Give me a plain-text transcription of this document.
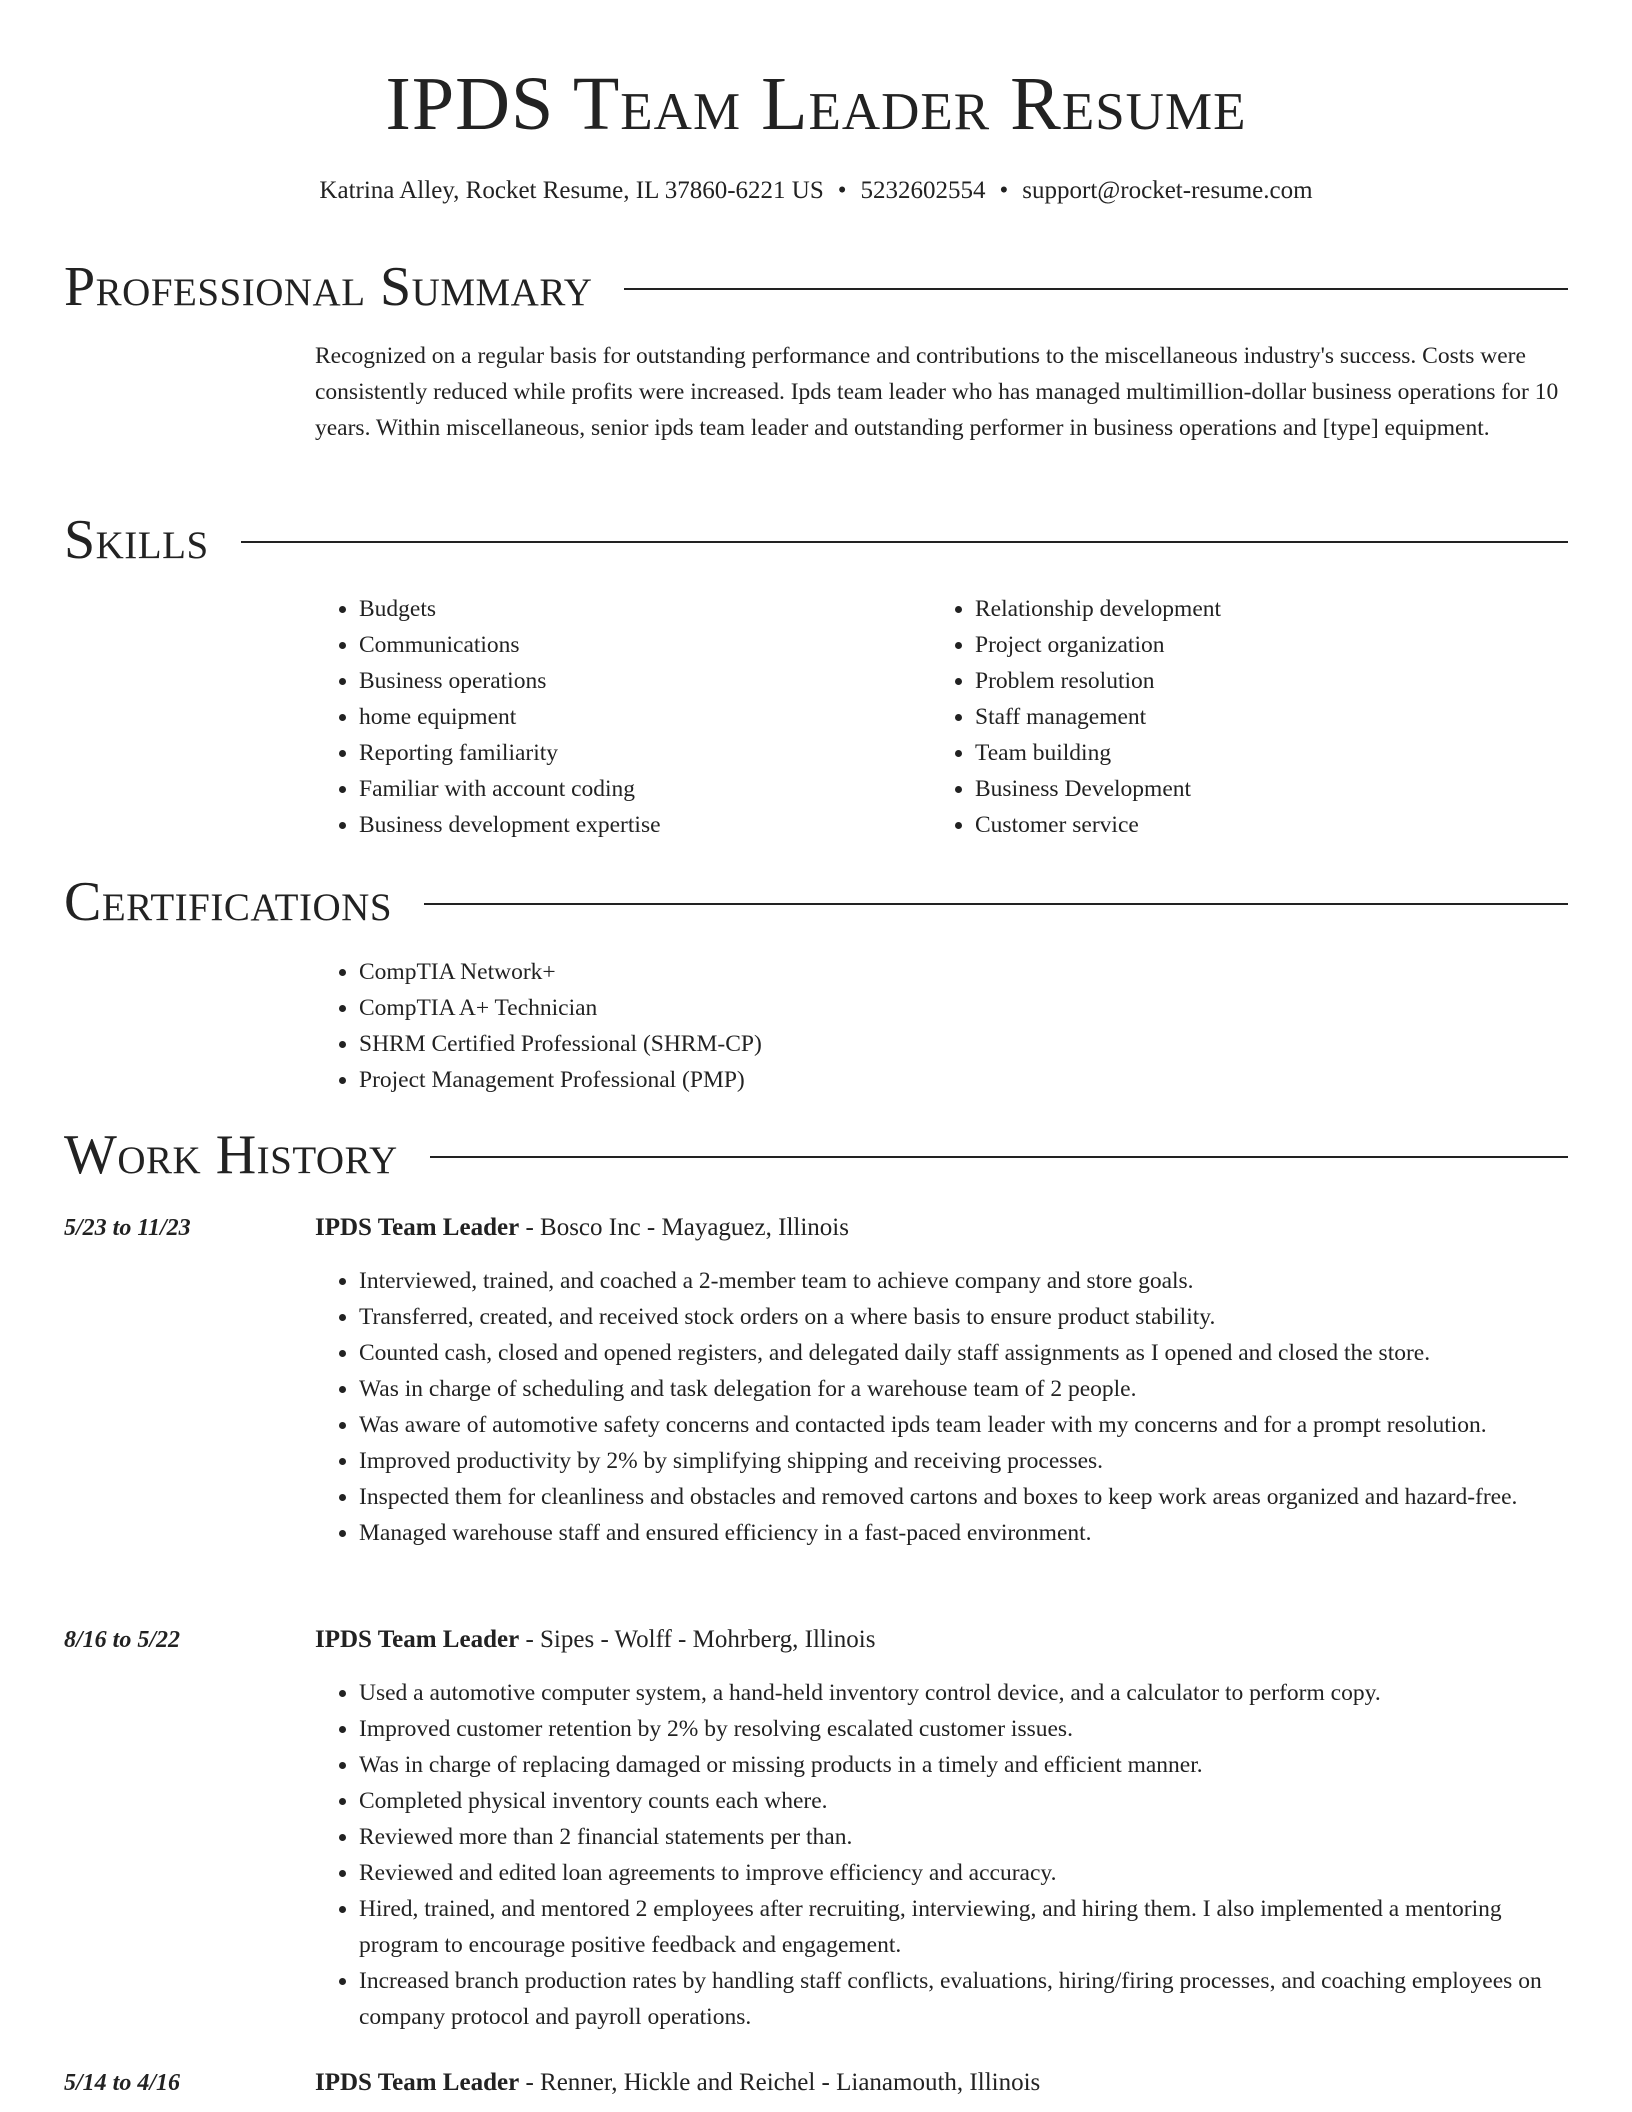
IPDS Team Leader Resume
Katrina Alley, Rocket Resume, IL 37860-6221 US • 5232602554 • support@rocket-resume.com
Professional Summary

Recognized on a regular basis for outstanding performance and contributions to the miscellaneous industry's success. Costs were consistently reduced while profits were increased. Ipds team leader who has managed multimillion-dollar business operations for 10 years. Within miscellaneous, senior ipds team leader and outstanding performer in business operations and [type] equipment.

Skills
• Budgets
• Communications
• Business operations
• home equipment
• Reporting familiarity
• Familiar with account coding
• Business development expertise
• Relationship development
• Project organization
• Problem resolution
• Staff management
• Team building
• Business Development
• Customer service
Certifications
• CompTIA Network+
• CompTIA A+ Technician
• SHRM Certified Professional (SHRM-CP)
• Project Management Professional (PMP)
Work History
5/23 to 11/23	IPDS Team Leader - Bosco Inc - Mayaguez, Illinois
• Interviewed, trained, and coached a 2-member team to achieve company and store goals.
• Transferred, created, and received stock orders on a where basis to ensure product stability.
• Counted cash, closed and opened registers, and delegated daily staff assignments as I opened and closed the store.
• Was in charge of scheduling and task delegation for a warehouse team of 2 people.
• Was aware of automotive safety concerns and contacted ipds team leader with my concerns and for a prompt resolution.
• Improved productivity by 2% by simplifying shipping and receiving processes.
• Inspected them for cleanliness and obstacles and removed cartons and boxes to keep work areas organized and hazard-free.
• Managed warehouse staff and ensured efficiency in a fast-paced environment.
8/16 to 5/22	IPDS Team Leader - Sipes - Wolff - Mohrberg, Illinois
• Used a automotive computer system, a hand-held inventory control device, and a calculator to perform copy.
• Improved customer retention by 2% by resolving escalated customer issues.
• Was in charge of replacing damaged or missing products in a timely and efficient manner.
• Completed physical inventory counts each where.
• Reviewed more than 2 financial statements per than.
• Reviewed and edited loan agreements to improve efficiency and accuracy.
• Hired, trained, and mentored 2 employees after recruiting, interviewing, and hiring them. I also implemented a mentoring program to encourage positive feedback and engagement.
• Increased branch production rates by handling staff conflicts, evaluations, hiring/firing processes, and coaching employees on company protocol and payroll operations.
5/14 to 4/16	IPDS Team Leader - Renner, Hickle and Reichel - Lianamouth, Illinois
